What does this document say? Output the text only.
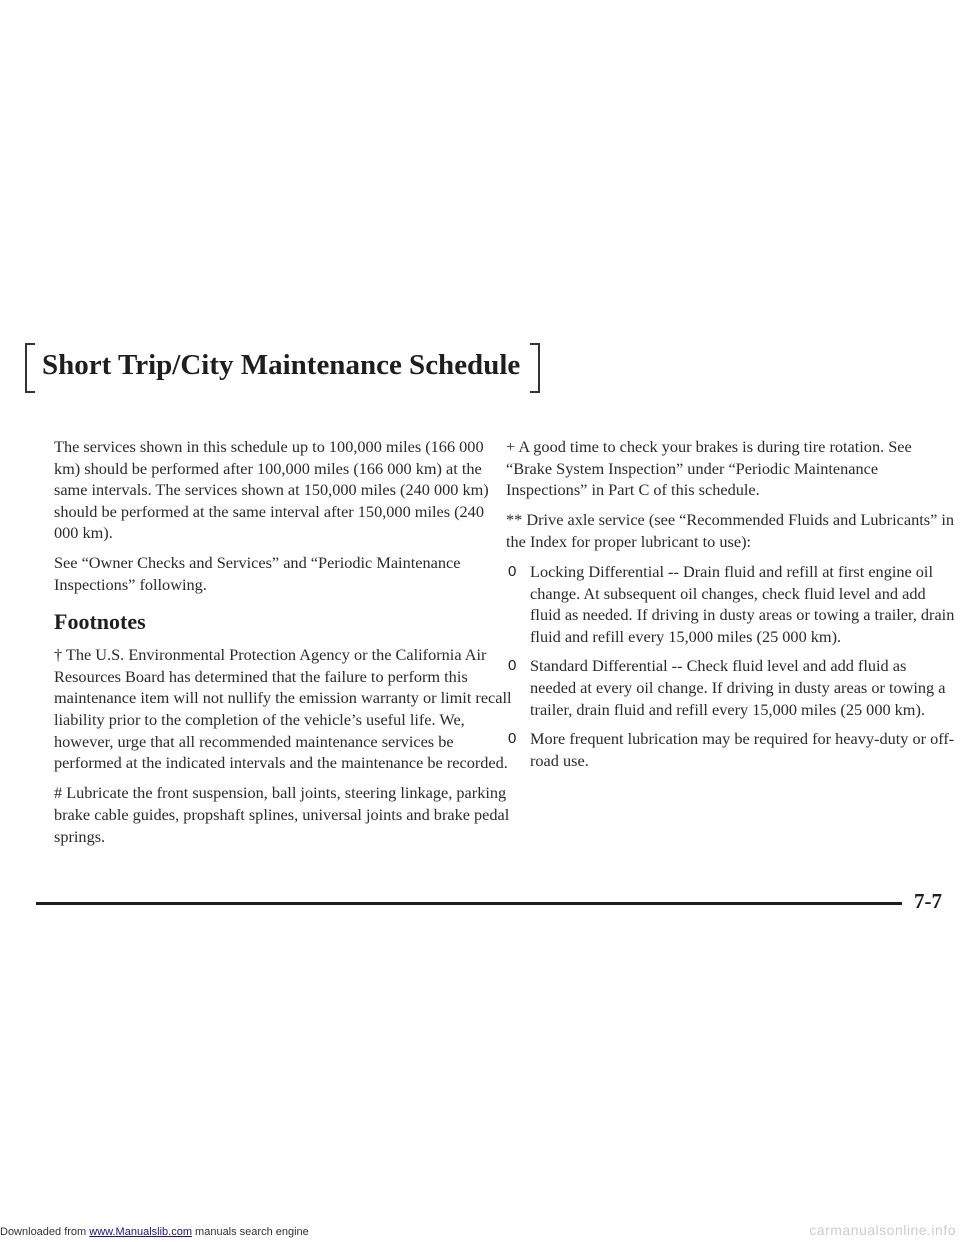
Short Trip/City Maintenance Schedule

The services shown in this schedule up to 100,000 miles (166 000 km) should be performed after 100,000 miles (166 000 km) at the same intervals. The services shown at 150,000 miles (240 000 km) should be performed at the same interval after 150,000 miles (240 000 km).

See “Owner Checks and Services” and “Periodic Maintenance Inspections” following.

Footnotes

† The U.S. Environmental Protection Agency or the California Air Resources Board has determined that the failure to perform this maintenance item will not nullify the emission warranty or limit recall liability prior to the completion of the vehicle’s useful life. We, however, urge that all recommended maintenance services be performed at the indicated intervals and the maintenance be recorded.

# Lubricate the front suspension, ball joints, steering linkage, parking brake cable guides, propshaft splines, universal joints and brake pedal springs.

+ A good time to check your brakes is during tire rotation. See “Brake System Inspection” under “Periodic Maintenance Inspections” in Part C of this schedule.

** Drive axle service (see “Recommended Fluids and Lubricants” in the Index for proper lubricant to use):

0 Locking Differential -- Drain fluid and refill at first engine oil change. At subsequent oil changes, check fluid level and add fluid as needed. If driving in dusty areas or towing a trailer, drain fluid and refill every 15,000 miles (25 000 km).
0 Standard Differential -- Check fluid level and add fluid as needed at every oil change. If driving in dusty areas or towing a trailer, drain fluid and refill every 15,000 miles (25 000 km).
0 More frequent lubrication may be required for heavy-duty or off-road use.
7-7
Downloaded from www.Manualslib.com manuals search engine	carmanualsonline.info
